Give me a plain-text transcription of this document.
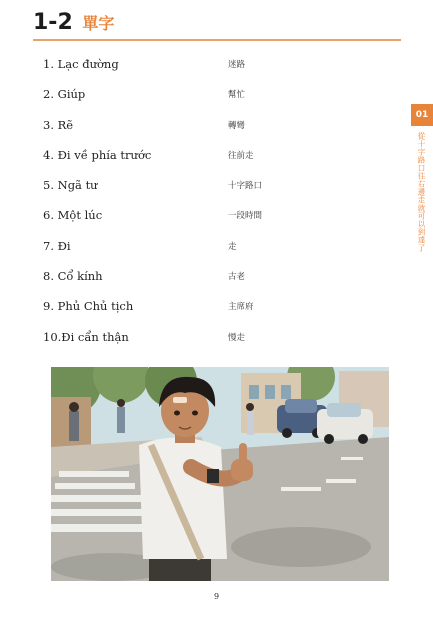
1-2 單字
1. Lạc đường	迷路
2. Giúp	幫忙
3. Rẽ	轉彎
4. Đi về phía trước	往前走
5. Ngã tư	十字路口
6. Một lúc	一段時間
7. Đi	走
8. Cổ kính	古老
9. Phủ Chủ tịch	主席府
10.Đi cẩn thận	慢走
01
從十字路口往右邊走就可以到達了
9
